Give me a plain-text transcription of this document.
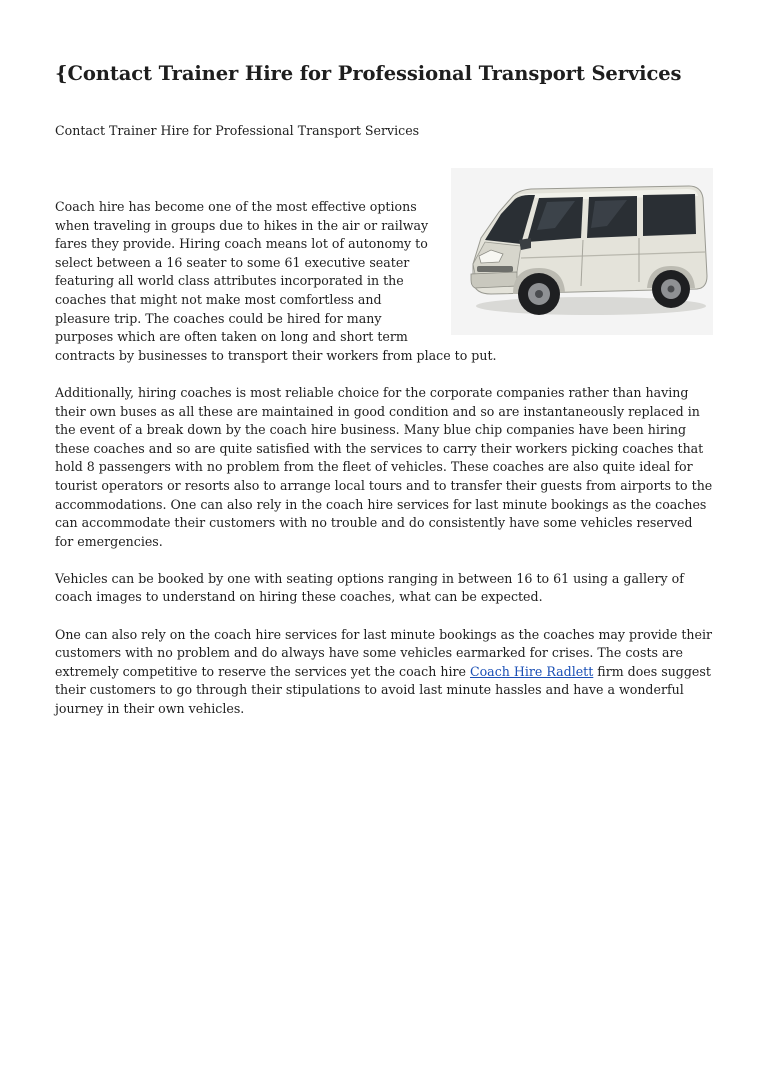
{Contact Trainer Hire for Professional Transport Services
Contact Trainer Hire for Professional Transport Services

Coach hire has become one of the most effective options when traveling in groups due to hikes in the air or railway fares they provide. Hiring coach means lot of autonomy to select between a 16 seater to some 61 executive seater featuring all world class attributes incorporated in the coaches that might not make most comfortless and pleasure trip. The coaches could be hired for many purposes which are often taken on long and short term contracts by businesses to transport their workers from place to put.

Additionally, hiring coaches is most reliable choice for the corporate companies rather than having their own buses as all these are maintained in good condition and so are instantaneously replaced in the event of a break down by the coach hire business. Many blue chip companies have been hiring these coaches and so are quite satisfied with the services to carry their workers picking coaches that hold 8 passengers with no problem from the fleet of vehicles. These coaches are also quite ideal for tourist operators or resorts also to arrange local tours and to transfer their guests from airports to the accommodations. One can also rely in the coach hire services for last minute bookings as the coaches can accommodate their customers with no trouble and do consistently have some vehicles reserved for emergencies.

Vehicles can be booked by one with seating options ranging in between 16 to 61 using a gallery of coach images to understand on hiring these coaches, what can be expected.

One can also rely on the coach hire services for last minute bookings as the coaches may provide their customers with no problem and do always have some vehicles earmarked for crises. The costs are extremely competitive to reserve the services yet the coach hire Coach Hire Radlett firm does suggest their customers to go through their stipulations to avoid last minute hassles and have a wonderful journey in their own vehicles.
